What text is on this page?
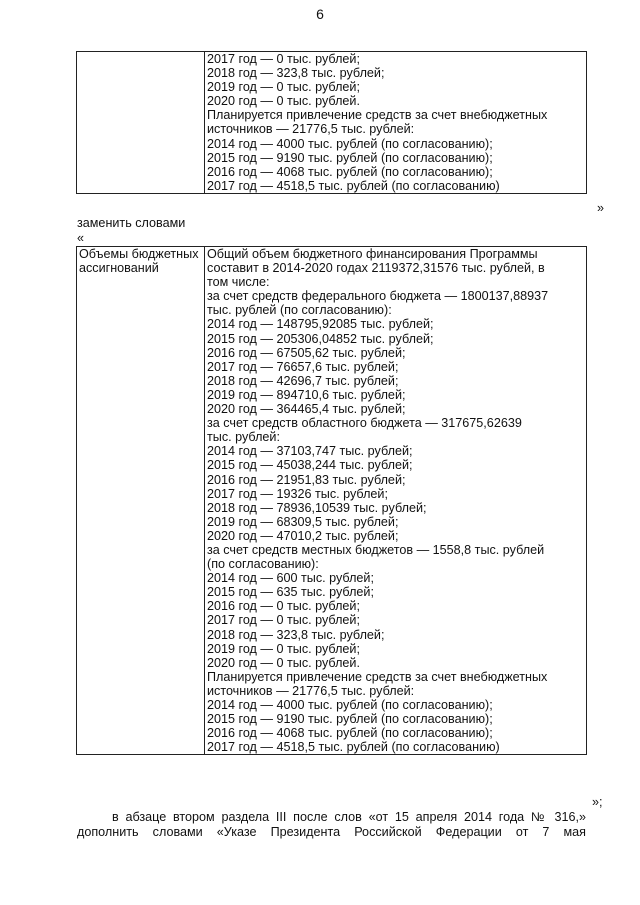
6

2017 год — 0 тыс. рублей;
2018 год — 323,8 тыс. рублей;
2019 год — 0 тыс. рублей;
2020 год — 0 тыс. рублей.
Планируется привлечение средств за счет внебюджетных
источников — 21776,5 тыс. рублей:
2014 год — 4000 тыс. рублей (по согласованию);
2015 год — 9190 тыс. рублей (по согласованию);
2016 год — 4068 тыс. рублей (по согласованию);
2017 год — 4518,5 тыс. рублей (по согласованию)
»
заменить словами
«
Объемы бюджетных
ассигнований

Общий объем бюджетного финансирования Программы
составит в 2014-2020 годах 2119372,31576 тыс. рублей, в
том числе:
за счет средств федерального бюджета — 1800137,88937
тыс. рублей (по согласованию):
2014 год — 148795,92085 тыс. рублей;
2015 год — 205306,04852 тыс. рублей;
2016 год — 67505,62 тыс. рублей;
2017 год — 76657,6 тыс. рублей;
2018 год — 42696,7 тыс. рублей;
2019 год — 894710,6 тыс. рублей;
2020 год — 364465,4 тыс. рублей;
за счет средств областного бюджета — 317675,62639
тыс. рублей:
2014 год — 37103,747 тыс. рублей;
2015 год — 45038,244 тыс. рублей;
2016 год — 21951,83 тыс. рублей;
2017 год — 19326 тыс. рублей;
2018 год — 78936,10539 тыс. рублей;
2019 год — 68309,5 тыс. рублей;
2020 год — 47010,2 тыс. рублей;
за счет средств местных бюджетов — 1558,8 тыс. рублей
(по согласованию):
2014 год — 600 тыс. рублей;
2015 год — 635 тыс. рублей;
2016 год — 0 тыс. рублей;
2017 год — 0 тыс. рублей;
2018 год — 323,8 тыс. рублей;
2019 год — 0 тыс. рублей;
2020 год — 0 тыс. рублей.
Планируется привлечение средств за счет внебюджетных
источников — 21776,5 тыс. рублей:
2014 год — 4000 тыс. рублей (по согласованию);
2015 год — 9190 тыс. рублей (по согласованию);
2016 год — 4068 тыс. рублей (по согласованию);
2017 год — 4518,5 тыс. рублей (по согласованию)
»;
в абзаце втором раздела III после слов «от 15 апреля 2014 года № 316,»
дополнить словами «Указе Президента Российской Федерации от 7 мая
